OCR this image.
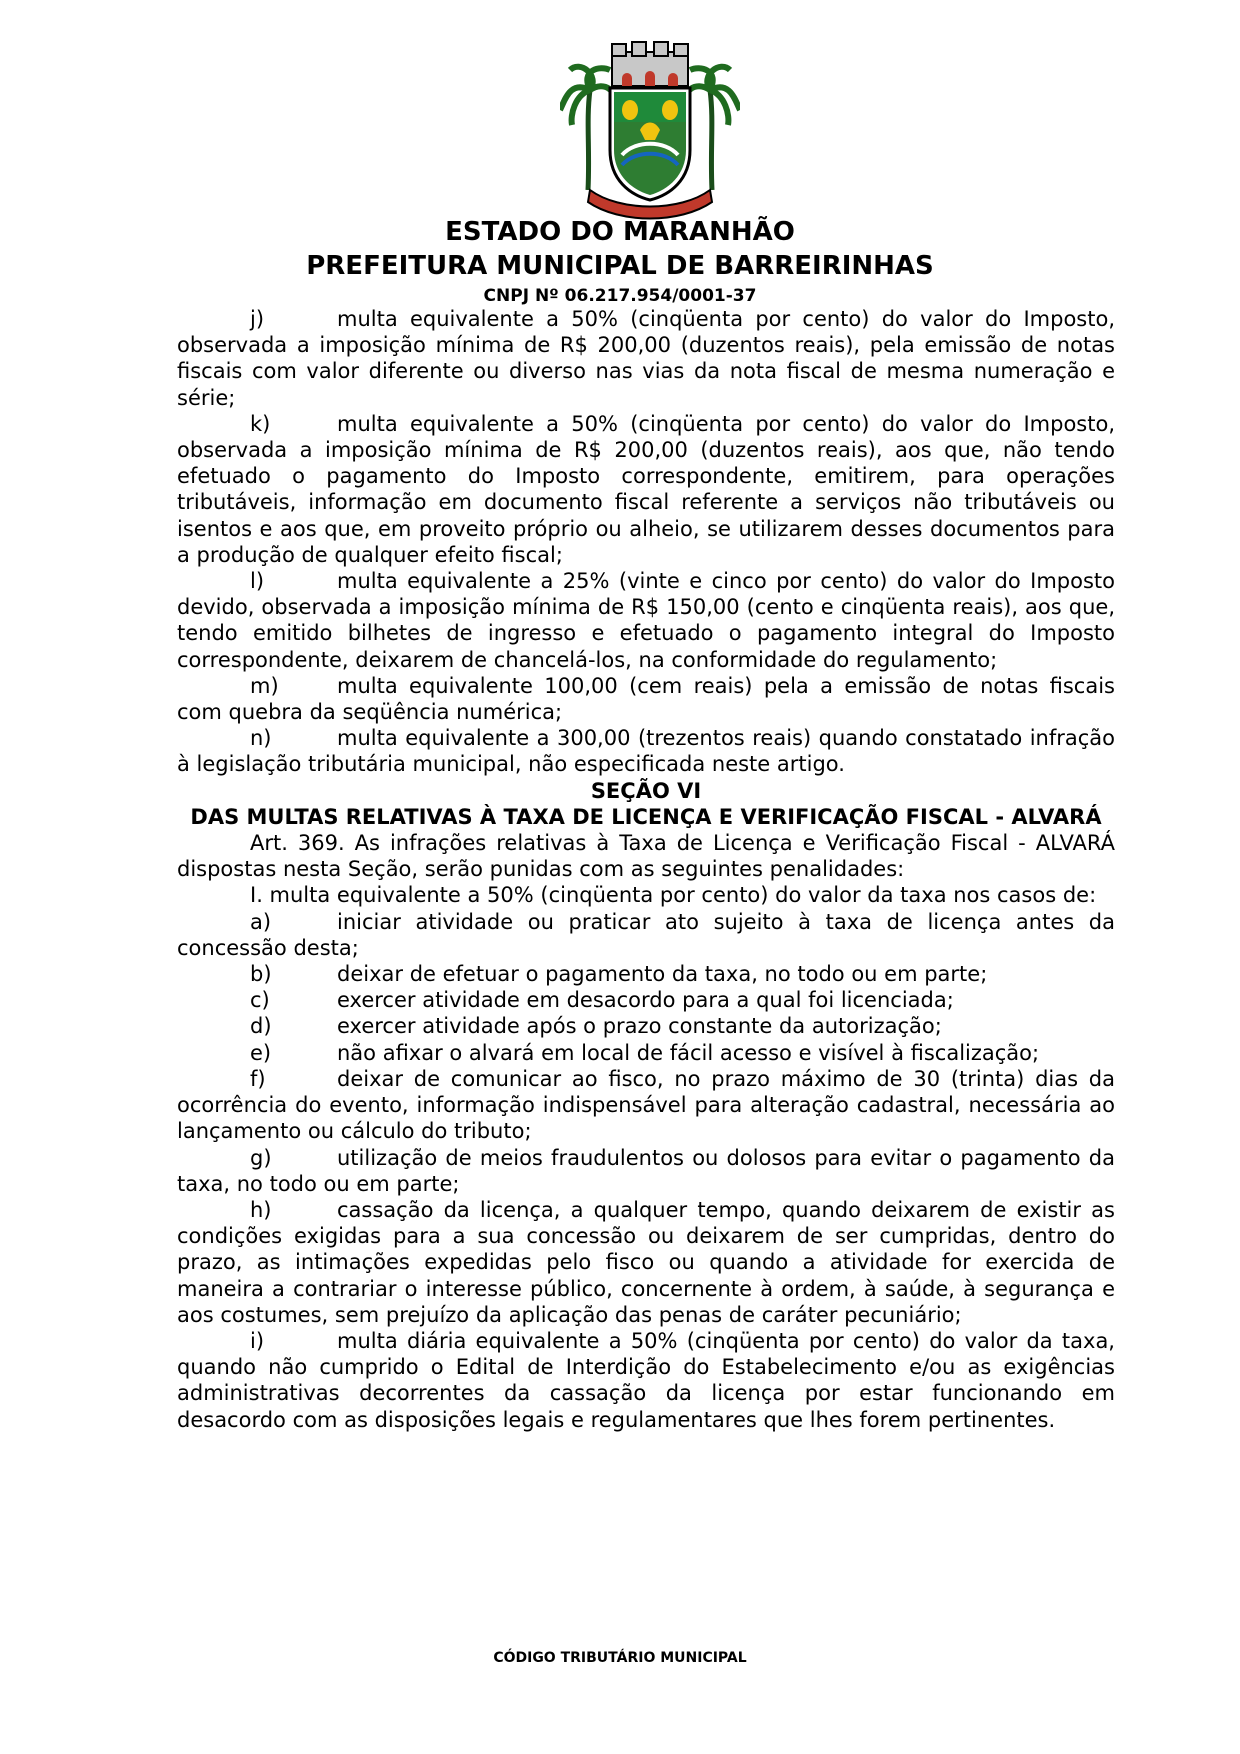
ESTADO DO MARANHÃO
PREFEITURA MUNICIPAL DE BARREIRINHAS
CNPJ Nº 06.217.954/0001-37

j)	multa equivalente a 50% (cinqüenta por cento) do valor do Imposto, observada a imposição mínima de R$ 200,00 (duzentos reais), pela emissão de notas fiscais com valor diferente ou diverso nas vias da nota fiscal de mesma numeração e série;

k)	multa equivalente a 50% (cinqüenta por cento) do valor do Imposto, observada a imposição mínima de R$ 200,00 (duzentos reais), aos que, não tendo efetuado o pagamento do Imposto correspondente, emitirem, para operações tributáveis, informação em documento fiscal referente a serviços não tributáveis ou isentos e aos que, em proveito próprio ou alheio, se utilizarem desses documentos para a produção de qualquer efeito fiscal;

l)	multa equivalente a 25% (vinte e cinco por cento) do valor do Imposto devido, observada a imposição mínima de R$ 150,00 (cento e cinqüenta reais), aos que, tendo emitido bilhetes de ingresso e efetuado o pagamento integral do Imposto correspondente, deixarem de chancelá-los, na conformidade do regulamento;

m)	multa equivalente 100,00 (cem reais) pela a emissão de notas fiscais com quebra da seqüência numérica;

n)	multa equivalente a 300,00 (trezentos reais) quando constatado infração à legislação tributária municipal, não especificada neste artigo.

SEÇÃO VI

DAS MULTAS RELATIVAS À TAXA DE LICENÇA E VERIFICAÇÃO FISCAL - ALVARÁ

Art. 369. As infrações relativas à Taxa de Licença e Verificação Fiscal - ALVARÁ dispostas nesta Seção, serão punidas com as seguintes penalidades:

I. multa equivalente a 50% (cinqüenta por cento) do valor da taxa nos casos de:

a)	iniciar atividade ou praticar ato sujeito à taxa de licença antes da concessão desta;

b)	deixar de efetuar o pagamento da taxa, no todo ou em parte;

c)	exercer atividade em desacordo para a qual foi licenciada;

d)	exercer atividade após o prazo constante da autorização;

e)	não afixar o alvará em local de fácil acesso e visível à fiscalização;

f)	deixar de comunicar ao fisco, no prazo máximo de 30 (trinta) dias da ocorrência do evento, informação indispensável para alteração cadastral, necessária ao lançamento ou cálculo do tributo;

g)	utilização de meios fraudulentos ou dolosos para evitar o pagamento da taxa, no todo ou em parte;

h)	cassação da licença, a qualquer tempo, quando deixarem de existir as condições exigidas para a sua concessão ou deixarem de ser cumpridas, dentro do prazo, as intimações expedidas pelo fisco ou quando a atividade for exercida de maneira a contrariar o interesse público, concernente à ordem, à saúde, à segurança e aos costumes, sem prejuízo da aplicação das penas de caráter pecuniário;

i)	multa diária equivalente a 50% (cinqüenta por cento) do valor da taxa, quando não cumprido o Edital de Interdição do Estabelecimento e/ou as exigências administrativas decorrentes da cassação da licença por estar funcionando em desacordo com as disposições legais e regulamentares que lhes forem pertinentes.

CÓDIGO TRIBUTÁRIO MUNICIPAL
